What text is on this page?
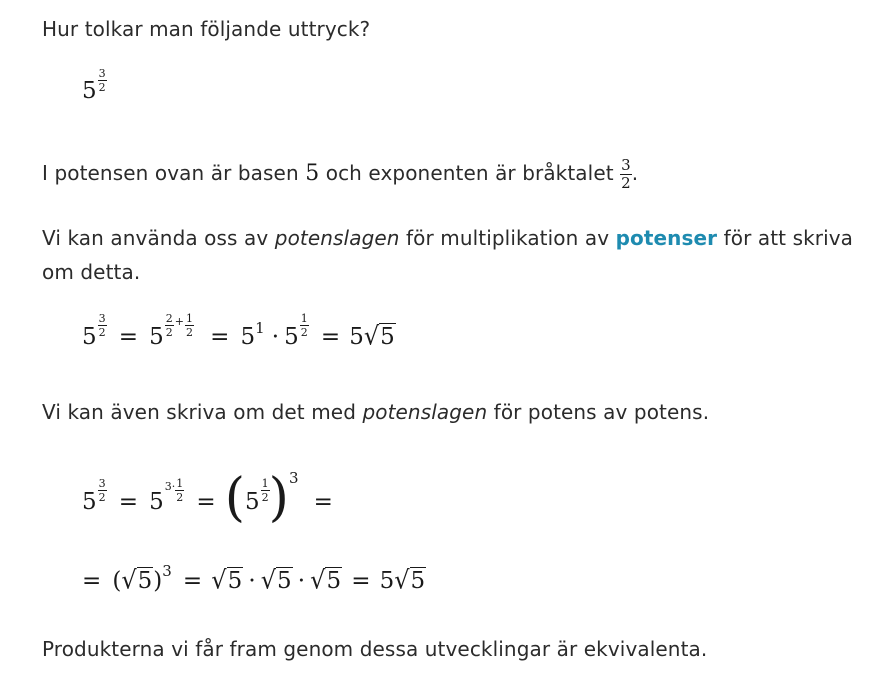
Hur tolkar man följande uttryck?

$5 \frac{3}{2}$

I potensen ovan är basen 5 och exponenten är bråktalet $\frac{3}{2}$ .

Vi kan använda oss av potenslagen för multiplikation av potenser för att skriva om detta.

$5 \frac{3}{2} = 5 \frac{2}{2} ^+ \frac{1}{2} = 51 \cdot 5 \frac{1}{2} = 5√5$

Vi kan även skriva om det med potenslagen för potens av potens.

$5 \frac{3}{2} = 5^{3\cdot} \frac{1}{2} = (5 \frac{1}{2} )3$ =
= (√5)3 = √5 · √5 · √5 = 5√5

Produkterna vi får fram genom dessa utvecklingar är ekvivalenta.
